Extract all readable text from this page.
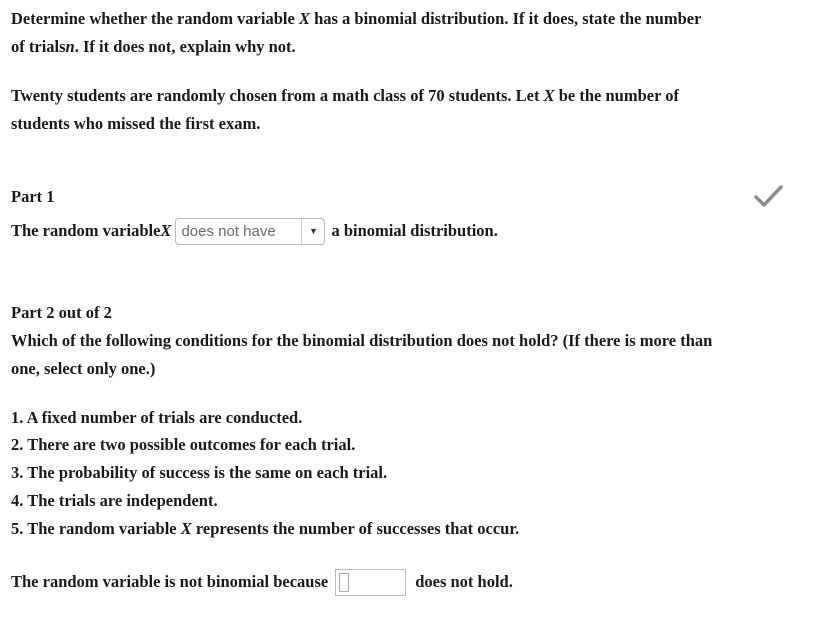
Determine whether the random variable X has a binomial distribution. If it does, state the number
of trialsn. If it does not, explain why not.
Twenty students are randomly chosen from a math class of 70 students. Let X be the number of
students who missed the first exam.
Part 1
The random variable X does not have	▼ a binomial distribution.
Part 2 out of 2
Which of the following conditions for the binomial distribution does not hold? (If there is more than
one, select only one.)
1. A fixed number of trials are conducted.
2. There are two possible outcomes for each trial.
3. The probability of success is the same on each trial.
4. The trials are independent.
5. The random variable X represents the number of successes that occur.
The random variable is not binomial because	does not hold.
